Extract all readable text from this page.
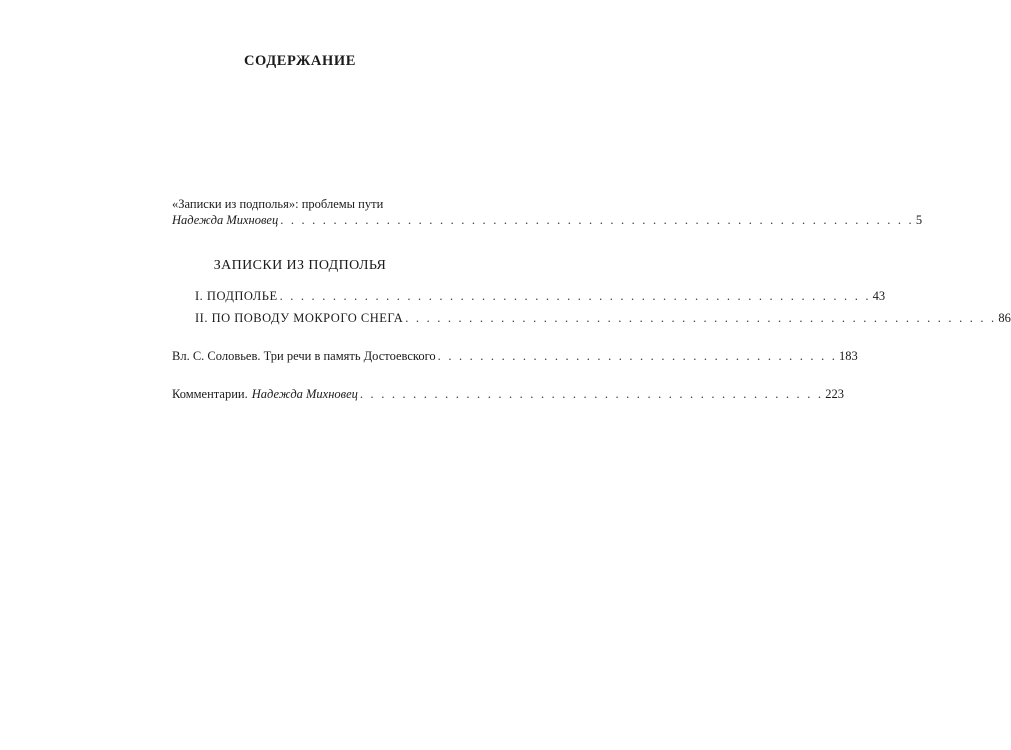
СОДЕРЖАНИЕ
«Записки из подполья»: проблемы пути
Надежда Михновец . . . . . . . . . . . . . . . . . . . . . . . . . . . . . . . . . . . . . . . . . . . . . . . . . . . . . . . . . . . . 5
ЗАПИСКИ ИЗ ПОДПОЛЬЯ
I. ПОДПОЛЬЕ . . . . . . . . . . . . . . . . . . . . . . . . . . . . . . . . . . . . . . . . . . . . . . . . . . . . . . . . 43
II. ПО ПОВОДУ МОКРОГО СНЕГА . . . . . . . . . . . . . . . . . . . . . . . . . . . . . . . . . . . . . . . . . . . . . . . . . . . . . . . . 86
Вл. С. Соловьев. Три речи в память Достоевского . . . . . . . . . . . . . . . . . . . . . . . . . . . . . . . . . . . . . . 183
Комментарии. Надежда Михновец . . . . . . . . . . . . . . . . . . . . . . . . . . . . . . . . . . . . . . . . . . . . 223
